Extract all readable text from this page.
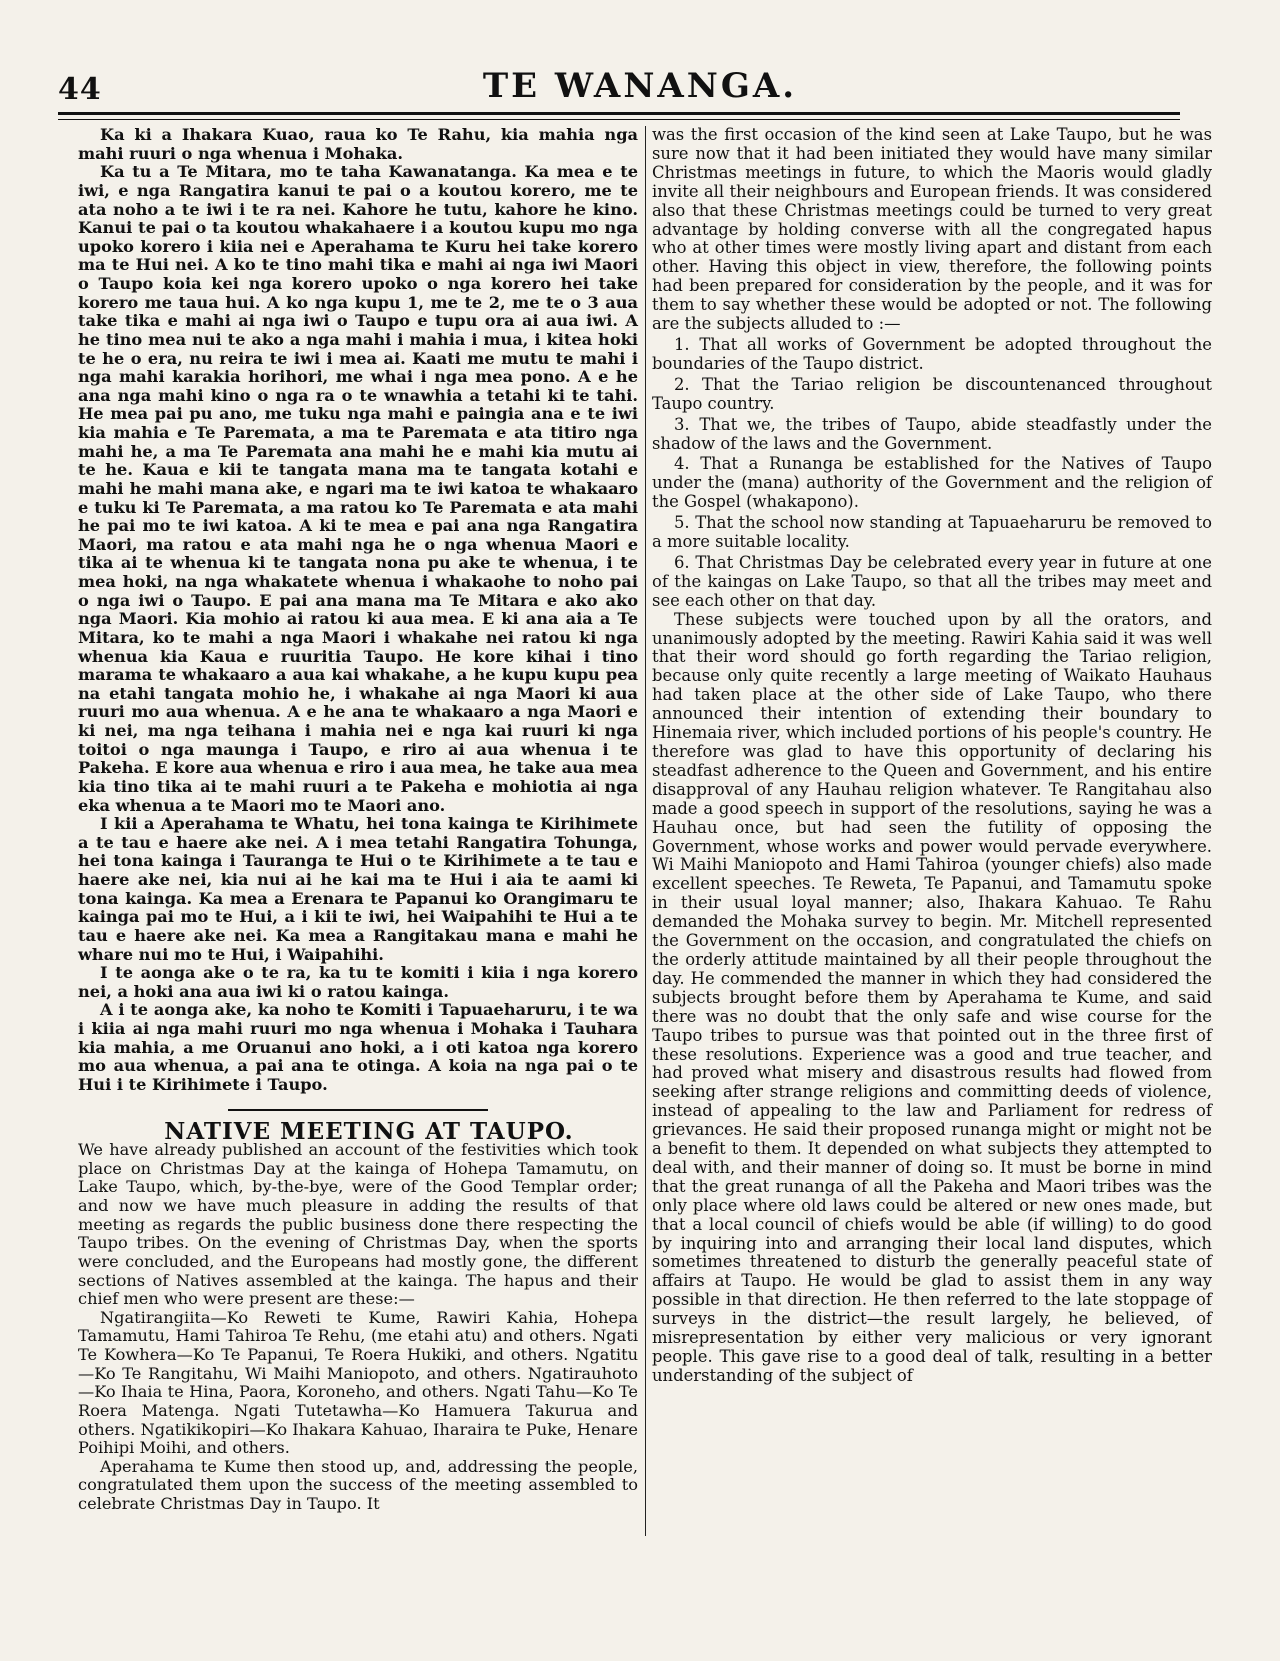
44	TE WANANGA.

Ka ki a Ihakara Kuao, raua ko Te Rahu, kia mahia nga mahi ruuri o nga whenua i Mohaka.

Ka tu a Te Mitara, mo te taha Kawanatanga. Ka mea e te iwi, e nga Rangatira kanui te pai o a koutou korero, me te ata noho a te iwi i te ra nei. Kahore he tutu, kahore he kino. Kanui te pai o ta koutou whakahaere i a koutou kupu mo nga upoko korero i kiia nei e Aperahama te Kuru hei take korero ma te Hui nei. A ko te tino mahi tika e mahi ai nga iwi Maori o Taupo koia kei nga korero upoko o nga korero hei take korero me taua hui. A ko nga kupu 1, me te 2, me te o 3 aua take tika e mahi ai nga iwi o Taupo e tupu ora ai aua iwi. A he tino mea nui te ako a nga mahi i mahia i mua, i kitea hoki te he o era, nu reira te iwi i mea ai. Kaati me mutu te mahi i nga mahi karakia horihori, me whai i nga mea pono. A e he ana nga mahi kino o nga ra o te wnawhia a tetahi ki te tahi. He mea pai pu ano, me tuku nga mahi e paingia ana e te iwi kia mahia e Te Paremata, a ma te Paremata e ata titiro nga mahi he, a ma Te Paremata ana mahi he e mahi kia mutu ai te he. Kaua e kii te tangata mana ma te tangata kotahi e mahi he mahi mana ake, e ngari ma te iwi katoa te whakaaro e tuku ki Te Paremata, a ma ratou ko Te Paremata e ata mahi he pai mo te iwi katoa. A ki te mea e pai ana nga Rangatira Maori, ma ratou e ata mahi nga he o nga whenua Maori e tika ai te whenua ki te tangata nona pu ake te whenua, i te mea hoki, na nga whakatete whenua i whakaohe to noho pai o nga iwi o Taupo. E pai ana mana ma Te Mitara e ako ako nga Maori. Kia mohio ai ratou ki aua mea. E ki ana aia a Te Mitara, ko te mahi a nga Maori i whakahe nei ratou ki nga whenua kia Kaua e ruuritia Taupo. He kore kihai i tino marama te whakaaro a aua kai whakahe, a he kupu kupu pea na etahi tangata mohio he, i whakahe ai nga Maori ki aua ruuri mo aua whenua. A e he ana te whakaaro a nga Maori e ki nei, ma nga teihana i mahia nei e nga kai ruuri ki nga toitoi o nga maunga i Taupo, e riro ai aua whenua i te Pakeha. E kore aua whenua e riro i aua mea, he take aua mea kia tino tika ai te mahi ruuri a te Pakeha e mohiotia ai nga eka whenua a te Maori mo te Maori ano.

I kii a Aperahama te Whatu, hei tona kainga te Kirihimete a te tau e haere ake nei. A i mea tetahi Rangatira Tohunga, hei tona kainga i Tauranga te Hui o te Kirihimete a te tau e haere ake nei, kia nui ai he kai ma te Hui i aia te aami ki tona kainga. Ka mea a Erenara te Papanui ko Orangimaru te kainga pai mo te Hui, a i kii te iwi, hei Waipahihi te Hui a te tau e haere ake nei. Ka mea a Rangitakau mana e mahi he whare nui mo te Hui, i Waipahihi.

I te aonga ake o te ra, ka tu te komiti i kiia i nga korero nei, a hoki ana aua iwi ki o ratou kainga.

A i te aonga ake, ka noho te Komiti i Tapuaeharuru, i te wa i kiia ai nga mahi ruuri mo nga whenua i Mohaka i Tauhara kia mahia, a me Oruanui ano hoki, a i oti katoa nga korero mo aua whenua, a pai ana te otinga. A koia na nga pai o te Hui i te Kirihimete i Taupo.

NATIVE MEETING AT TAUPO.

We have already published an account of the festivities which took place on Christmas Day at the kainga of Hohepa Tamamutu, on Lake Taupo, which, by-the-bye, were of the Good Templar order; and now we have much pleasure in adding the results of that meeting as regards the public business done there respecting the Taupo tribes. On the evening of Christmas Day, when the sports were concluded, and the Europeans had mostly gone, the different sections of Natives assembled at the kainga. The hapus and their chief men who were present are these:—

Ngatirangiita—Ko Reweti te Kume, Rawiri Kahia, Hohepa Tamamutu, Hami Tahiroa Te Rehu, (me etahi atu) and others. Ngati Te Kowhera—Ko Te Papanui, Te Roera Hukiki, and others. Ngatitu—Ko Te Rangitahu, Wi Maihi Maniopoto, and others. Ngatirauhoto—Ko Ihaia te Hina, Paora, Koroneho, and others. Ngati Tahu—Ko Te Roera Matenga. Ngati Tutetawha—Ko Hamuera Takurua and others. Ngatikikopiri—Ko Ihakara Kahuao, Iharaira te Puke, Henare Poihipi Moihi, and others.

Aperahama te Kume then stood up, and, addressing the people, congratulated them upon the success of the meeting assembled to celebrate Christmas Day in Taupo. It

was the first occasion of the kind seen at Lake Taupo, but he was sure now that it had been initiated they would have many similar Christmas meetings in future, to which the Maoris would gladly invite all their neighbours and European friends. It was considered also that these Christmas meetings could be turned to very great advantage by holding converse with all the congregated hapus who at other times were mostly living apart and distant from each other. Having this object in view, therefore, the following points had been prepared for consideration by the people, and it was for them to say whether these would be adopted or not. The following are the subjects alluded to :—

1. That all works of Government be adopted throughout the boundaries of the Taupo district.

2. That the Tariao religion be discountenanced throughout Taupo country.

3. That we, the tribes of Taupo, abide steadfastly under the shadow of the laws and the Government.

4. That a Runanga be established for the Natives of Taupo under the (mana) authority of the Government and the religion of the Gospel (whakapono).

5. That the school now standing at Tapuaeharuru be removed to a more suitable locality.

6. That Christmas Day be celebrated every year in future at one of the kaingas on Lake Taupo, so that all the tribes may meet and see each other on that day.

These subjects were touched upon by all the orators, and unanimously adopted by the meeting. Rawiri Kahia said it was well that their word should go forth regarding the Tariao religion, because only quite recently a large meeting of Waikato Hauhaus had taken place at the other side of Lake Taupo, who there announced their intention of extending their boundary to Hinemaia river, which included portions of his people's country. He therefore was glad to have this opportunity of declaring his steadfast adherence to the Queen and Government, and his entire disapproval of any Hauhau religion whatever. Te Rangitahau also made a good speech in support of the resolutions, saying he was a Hauhau once, but had seen the futility of opposing the Government, whose works and power would pervade everywhere. Wi Maihi Maniopoto and Hami Tahiroa (younger chiefs) also made excellent speeches. Te Reweta, Te Papanui, and Tamamutu spoke in their usual loyal manner; also, Ihakara Kahuao. Te Rahu demanded the Mohaka survey to begin. Mr. Mitchell represented the Government on the occasion, and congratulated the chiefs on the orderly attitude maintained by all their people throughout the day. He commended the manner in which they had considered the subjects brought before them by Aperahama te Kume, and said there was no doubt that the only safe and wise course for the Taupo tribes to pursue was that pointed out in the three first of these resolutions. Experience was a good and true teacher, and had proved what misery and disastrous results had flowed from seeking after strange religions and committing deeds of violence, instead of appealing to the law and Parliament for redress of grievances. He said their proposed runanga might or might not be a benefit to them. It depended on what subjects they attempted to deal with, and their manner of doing so. It must be borne in mind that the great runanga of all the Pakeha and Maori tribes was the only place where old laws could be altered or new ones made, but that a local council of chiefs would be able (if willing) to do good by inquiring into and arranging their local land disputes, which sometimes threatened to disturb the generally peaceful state of affairs at Taupo. He would be glad to assist them in any way possible in that direction. He then referred to the late stoppage of surveys in the district—the result largely, he believed, of misrepresentation by either very malicious or very ignorant people. This gave rise to a good deal of talk, resulting in a better understanding of the subject of
